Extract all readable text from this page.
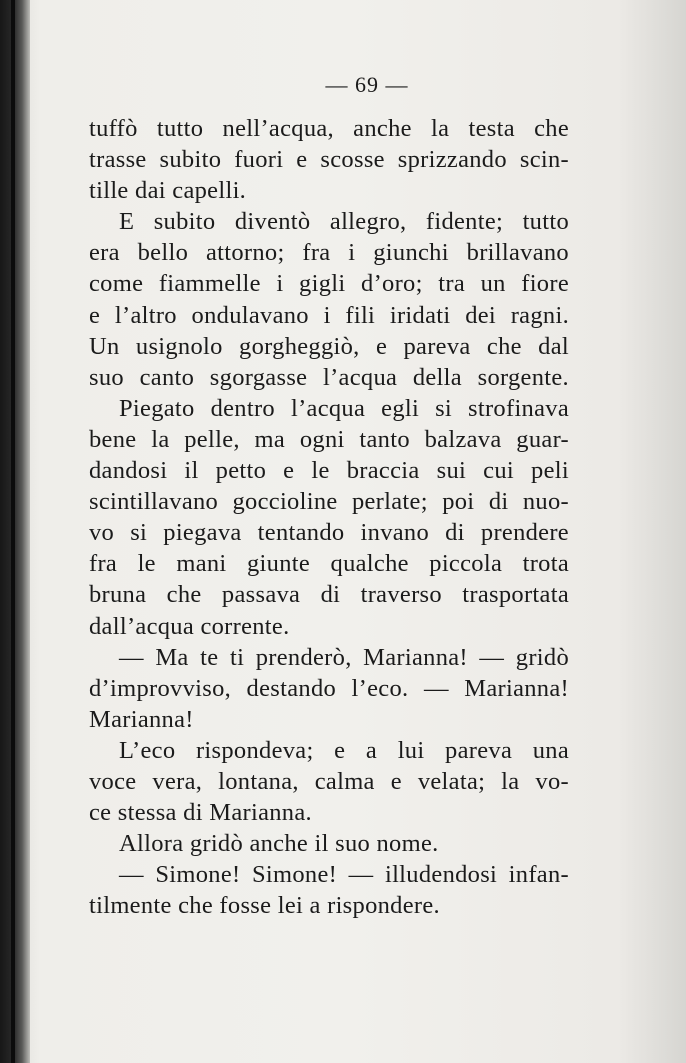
— 69 —
tuffò tutto nell’acqua, anche la testa che
trasse subito fuori e scosse sprizzando scin-
tille dai capelli.
E subito diventò allegro, fidente; tutto
era bello attorno; fra i giunchi brillavano
come fiammelle i gigli d’oro; tra un fiore
e l’altro ondulavano i fili iridati dei ragni.
Un usignolo gorgheggiò, e pareva che dal
suo canto sgorgasse l’acqua della sorgente.
Piegato dentro l’acqua egli si strofinava
bene la pelle, ma ogni tanto balzava guar-
dandosi il petto e le braccia sui cui peli
scintillavano goccioline perlate; poi di nuo-
vo si piegava tentando invano di prendere
fra le mani giunte qualche piccola trota
bruna che passava di traverso trasportata
dall’acqua corrente.
— Ma te ti prenderò, Marianna! — gridò
d’improvviso, destando l’eco. — Marianna!
Marianna!
L’eco rispondeva; e a lui pareva una
voce vera, lontana, calma e velata; la vo-
ce stessa di Marianna.
Allora gridò anche il suo nome.
— Simone! Simone! — illudendosi infan-
tilmente che fosse lei a rispondere.
